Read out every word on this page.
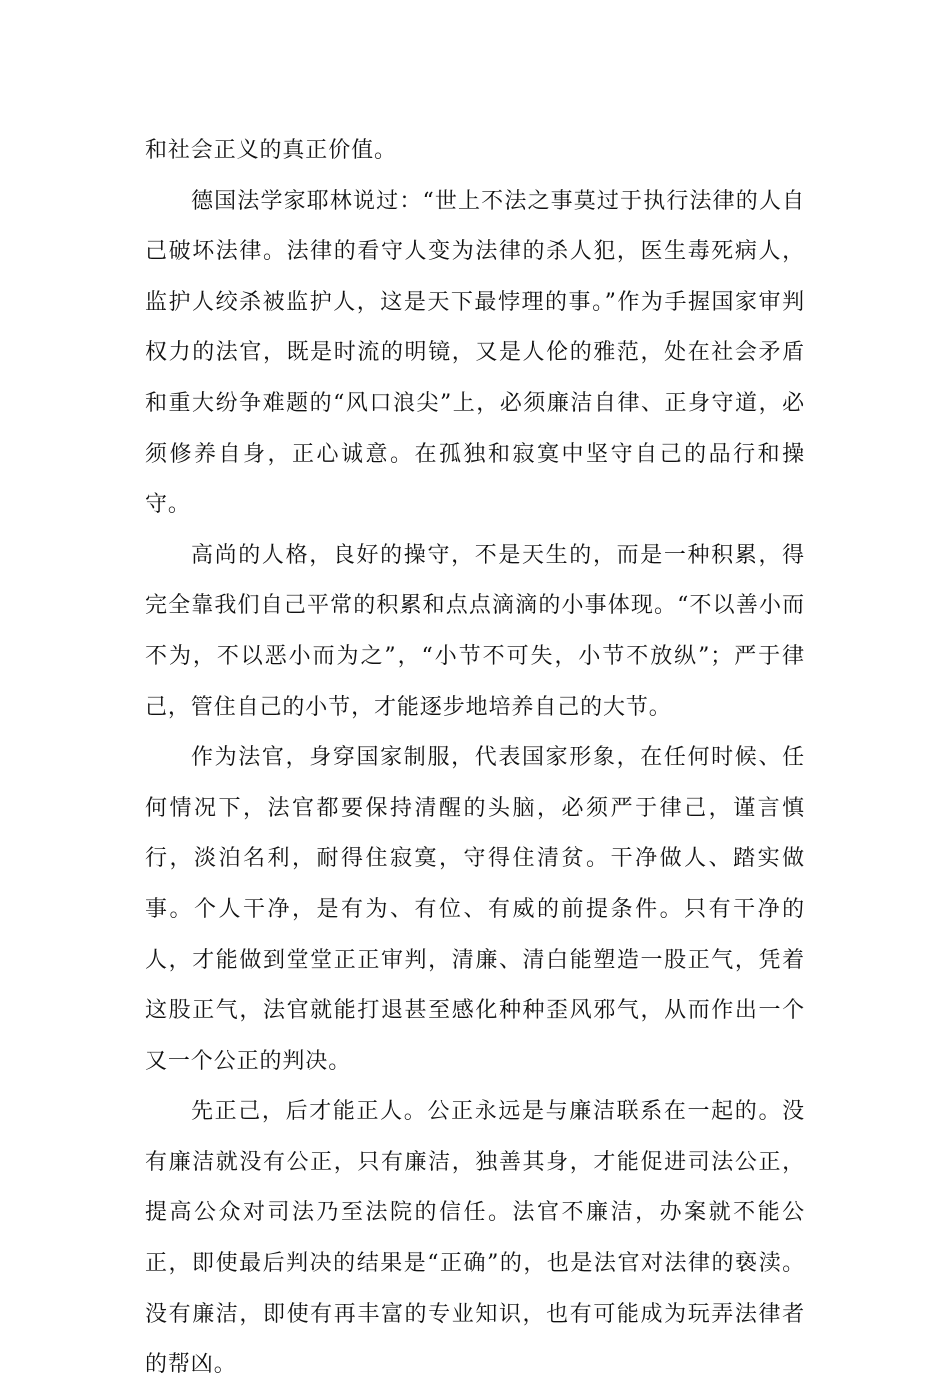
和社会正义的真正价值。

德国法学家耶林说过：“世上不法之事莫过于执行法律的人自己破坏法律。法律的看守人变为法律的杀人犯，医生毒死病人，监护人绞杀被监护人，这是天下最悖理的事。”作为手握国家审判权力的法官，既是时流的明镜，又是人伦的雅范，处在社会矛盾和重大纷争难题的“风口浪尖”上，必须廉洁自律、正身守道，必须修养自身，正心诚意。在孤独和寂寞中坚守自己的品行和操守。

高尚的人格，良好的操守，不是天生的，而是一种积累，得完全靠我们自己平常的积累和点点滴滴的小事体现。“不以善小而不为，不以恶小而为之”，“小节不可失，小节不放纵”；严于律己，管住自己的小节，才能逐步地培养自己的大节。

作为法官，身穿国家制服，代表国家形象，在任何时候、任何情况下，法官都要保持清醒的头脑，必须严于律己，谨言慎行，淡泊名利，耐得住寂寞，守得住清贫。干净做人、踏实做事。个人干净，是有为、有位、有威的前提条件。只有干净的人，才能做到堂堂正正审判，清廉、清白能塑造一股正气，凭着这股正气，法官就能打退甚至感化种种歪风邪气，从而作出一个又一个公正的判决。

先正己，后才能正人。公正永远是与廉洁联系在一起的。没有廉洁就没有公正，只有廉洁，独善其身，才能促进司法公正，提高公众对司法乃至法院的信任。法官不廉洁，办案就不能公正，即使最后判决的结果是“正确”的，也是法官对法律的亵渎。没有廉洁，即使有再丰富的专业知识，也有可能成为玩弄法律者的帮凶。
